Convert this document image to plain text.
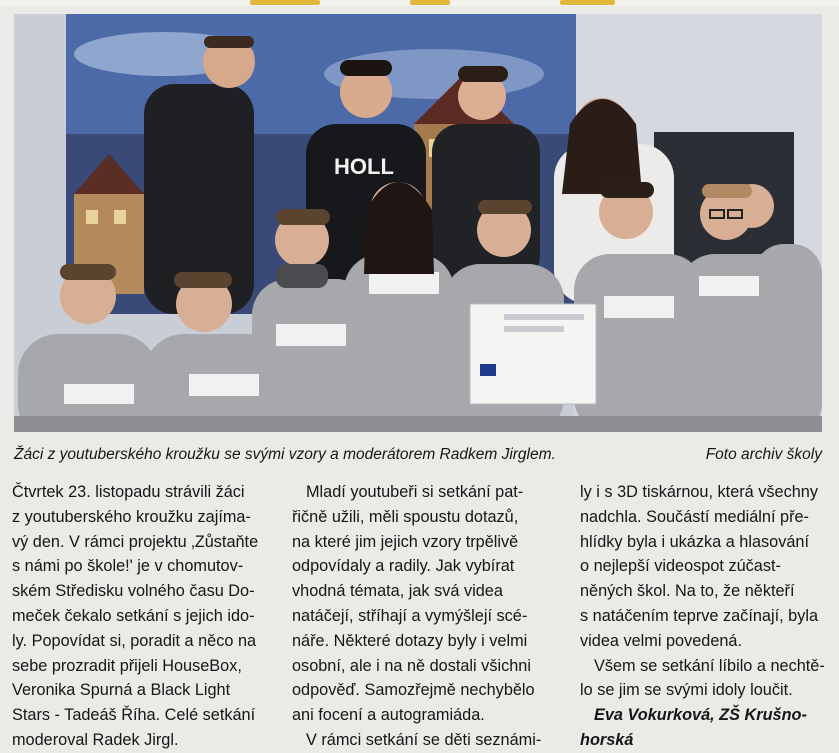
HOLL
Žáci z youtuberského kroužku se svými vzory a moderátorem Radkem Jirglem.	Foto archiv školy
Čtvrtek 23. listopadu strávili žáci
z youtuberského kroužku zajíma-
vý den. V rámci projektu ‚Zůstaňte
s námi po škole!' je v chomutov-
ském Středisku volného času Do-
meček čekalo setkání s jejich ido-
ly. Popovídat si, poradit a něco na
sebe prozradit přijeli HouseBox,
Veronika Spurná a Black Light
Stars - Tadeáš Říha. Celé setkání
moderoval Radek Jirgl.
Mladí youtubeři si setkání pat-
řičně užili, měli spoustu dotazů,
na které jim jejich vzory trpělivě
odpovídaly a radily. Jak vybírat
vhodná témata, jak svá videa
natáčejí, stříhají a vymýšlejí scé-
náře. Některé dotazy byly i velmi
osobní, ale i na ně dostali všichni
odpověď. Samozřejmě nechybělo
ani focení a autogramiáda.
V rámci setkání se děti seznámi-
ly i s 3D tiskárnou, která všechny
nadchla. Součástí mediální pře-
hlídky byla i ukázka a hlasování
o nejlepší videospot zúčast-
něných škol. Na to, že někteří
s natáčením teprve začínají, byla
videa velmi povedená.
Všem se setkání líbilo a nechtě-
lo se jim se svými idoly loučit.
Eva Vokurková, ZŠ Krušno-
horská
